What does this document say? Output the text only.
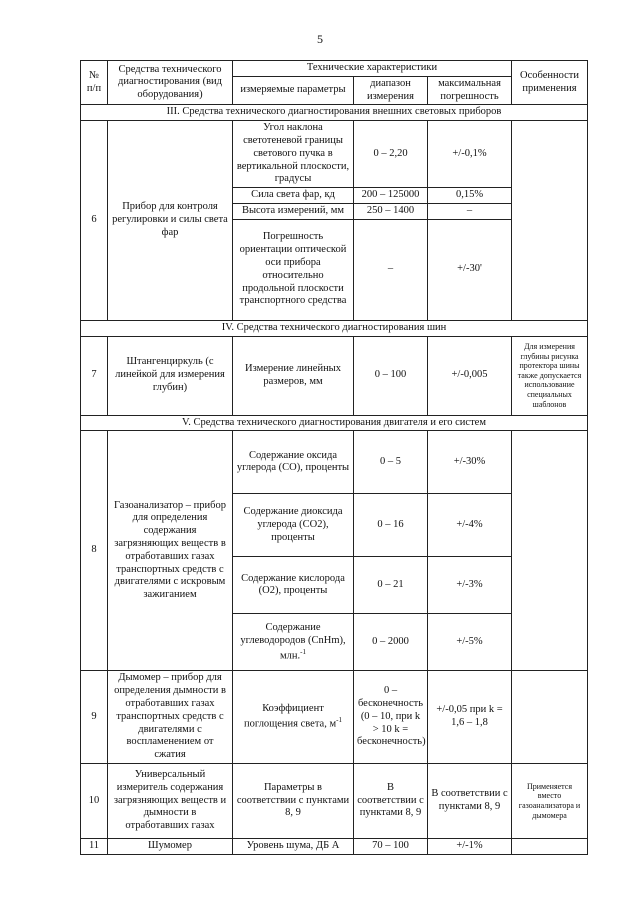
5
№ п/п	Средства технического диагностирования (вид оборудования)	Технические характеристики			Особенности применения
		измеряемые параметры	диапазон измерения	максимальная погрешность	
III. Средства технического диагностирования внешних световых приборов					
6	Прибор для контроля регулировки и силы света фар	Угол наклона светотеневой границы светового пучка в вертикальной плоскости, градусы	0 – 2,20	+/-0,1%	
		Сила света фар, кд	200 – 125000	0,15%	
		Высота измерений, мм	250 – 1400	–	
		Погрешность ориентации оптической оси прибора относительно продольной плоскости транспортного средства	–	+/-30'	
IV. Средства технического диагностирования шин					
7	Штангенциркуль (с линейкой для измерения глубин)	Измерение линейных размеров, мм	0 – 100	+/-0,005	Для измерения глубины рисунка протектора шины также допускается использование специальных шаблонов
V. Средства технического диагностирования двигателя и его систем					
8	Газоанализатор – прибор для определения содержания загрязняющих веществ в отработавших газах транспортных средств с двигателями с искровым зажиганием	Содержание оксида углерода (СО), проценты	0 – 5	+/-30%	
		Содержание диоксида углерода (СО2), проценты	0 – 16	+/-4%	
		Содержание кислорода (О2), проценты	0 – 21	+/-3%	
		Содержание углеводородов (CnHm), млн.$^{-1}$	0 – 2000	+/-5%	
9	Дымомер – прибор для определения дымности в отработавших газах транспортных средств с двигателями с воспламенением от сжатия	Коэффициент поглощения света, $м^{-1}$	0 – бесконечность (0 – 10, при k > 10 k = бесконечность)	+/-0,05 при k = 1,6 – 1,8	
10	Универсальный измеритель содержания загрязняющих веществ и дымности в отработавших газах	Параметры в соответствии с пунктами 8, 9	В соответствии с пунктами 8, 9	В соответствии с пунктами 8, 9	Применяется вместо газоанализатора и дымомера
11	Шумомер	Уровень шума, ДБ А	70 – 100	+/-1%	
